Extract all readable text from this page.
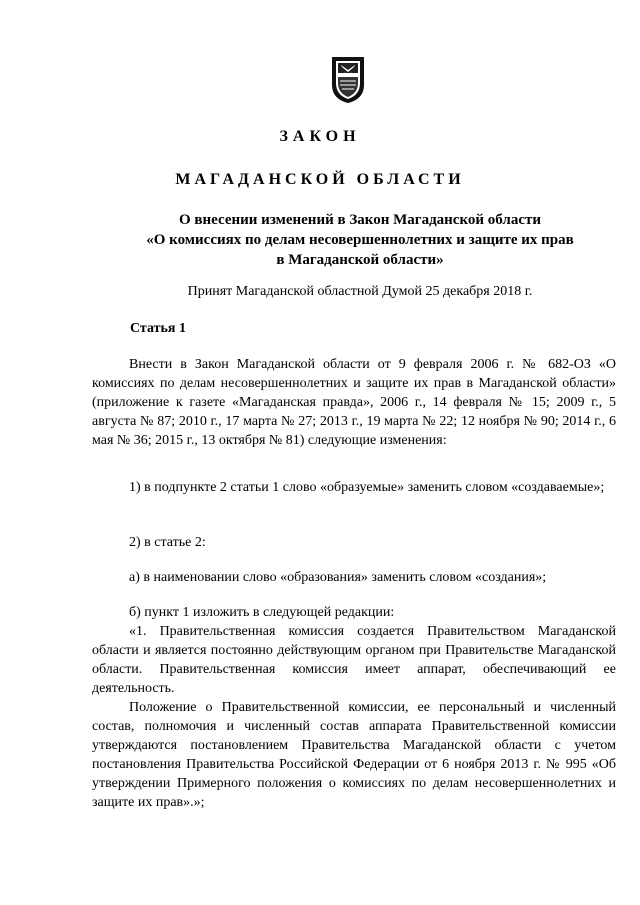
ЗАКОН
МАГАДАНСКОЙ ОБЛАСТИ
О внесении изменений в Закон Магаданской области
«О комиссиях по делам несовершеннолетних и защите их прав
в Магаданской области»
Принят Магаданской областной Думой 25 декабря 2018 г.
Статья 1

Внести в Закон Магаданской области от 9 февраля 2006 г. № 682-ОЗ «О комиссиях по делам несовершеннолетних и защите их прав в Магаданской области» (приложение к газете «Магаданская правда», 2006 г., 14 февраля № 15; 2009 г., 5 августа № 87; 2010 г., 17 марта № 27; 2013 г., 19 марта № 22; 12 ноября № 90; 2014 г., 6 мая № 36; 2015 г., 13 октября № 81) следующие изменения:

1) в подпункте 2 статьи 1 слово «образуемые» заменить словом «создаваемые»;

2) в статье 2:

а) в наименовании слово «образования» заменить словом «создания»;

б) пункт 1 изложить в следующей редакции:

«1. Правительственная комиссия создается Правительством Магаданской области и является постоянно действующим органом при Правительстве Магаданской области. Правительственная комиссия имеет аппарат, обеспечивающий ее деятельность.

Положение о Правительственной комиссии, ее персональный и численный состав, полномочия и численный состав аппарата Правительственной комиссии утверждаются постановлением Правительства Магаданской области с учетом постановления Правительства Российской Федерации от 6 ноября 2013 г. № 995 «Об утверждении Примерного положения о комиссиях по делам несовершеннолетних и защите их прав».»;
